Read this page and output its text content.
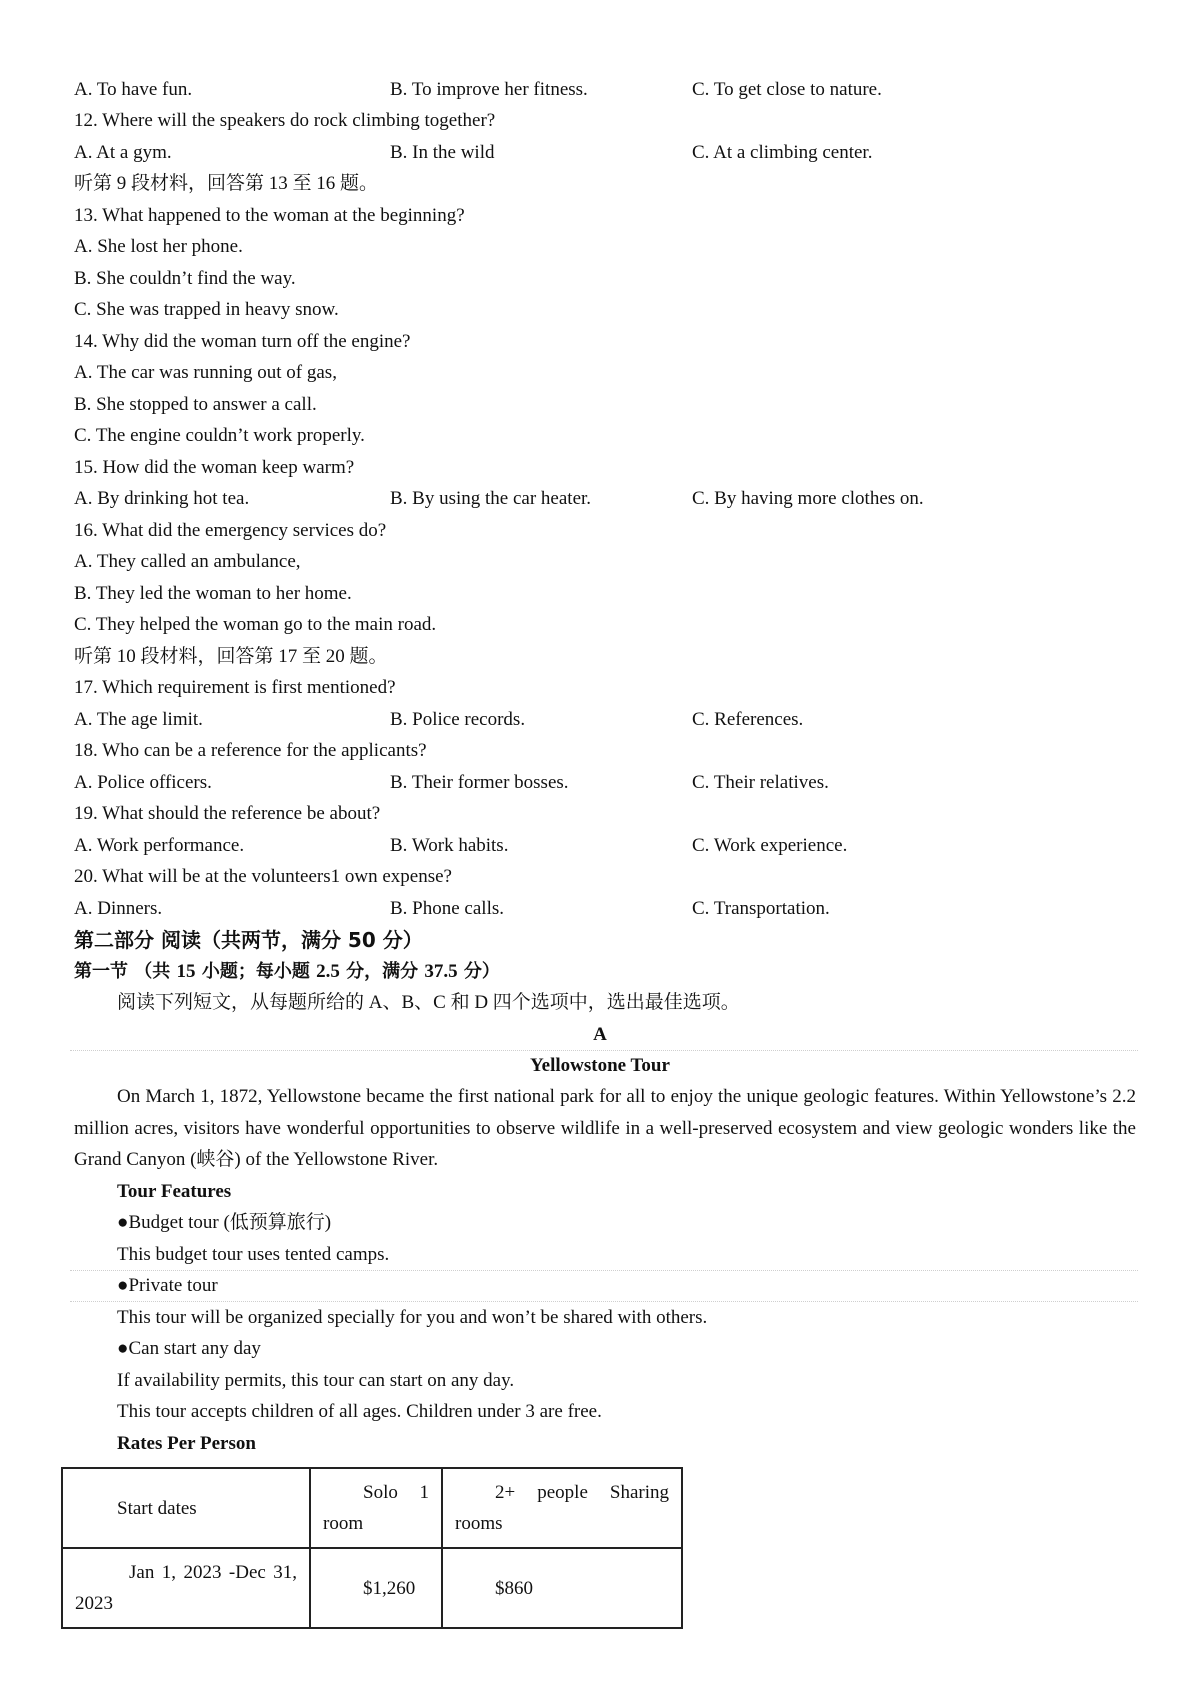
A. To have fun.	B. To improve her fitness.	C. To get close to nature.
12. Where will the speakers do rock climbing together?
A. At a gym.	B. In the wild	C. At a climbing center.
听第 9 段材料，回答第 13 至 16 题。
13. What happened to the woman at the beginning?
A. She lost her phone.
B. She couldn’t find the way.
C. She was trapped in heavy snow.
14. Why did the woman turn off the engine?
A. The car was running out of gas,
B. She stopped to answer a call.
C. The engine couldn’t work properly.
15. How did the woman keep warm?
A. By drinking hot tea.	B. By using the car heater.	C. By having more clothes on.
16. What did the emergency services do?
A. They called an ambulance,
B. They led the woman to her home.
C. They helped the woman go to the main road.
听第 10 段材料，回答第 17 至 20 题。
17. Which requirement is first mentioned?
A. The age limit.	B. Police records.	C. References.
18. Who can be a reference for the applicants?
A. Police officers.	B. Their former bosses.	C. Their relatives.
19. What should the reference be about?
A. Work performance.	B. Work habits.	C. Work experience.
20. What will be at the volunteers1 own expense?
A. Dinners.	B. Phone calls.	C. Transportation.
第二部分 阅读（共两节，满分 50 分）
第一节 （共 15 小题；每小题 2.5 分，满分 37.5 分）
阅读下列短文，从每题所给的 A、B、C 和 D 四个选项中，选出最佳选项。
A
Yellowstone Tour
On March 1, 1872, Yellowstone became the first national park for all to enjoy the unique geologic features. Within Yellowstone’s 2.2 million acres, visitors have wonderful opportunities to observe wildlife in a well-preserved ecosystem and view geologic wonders like the Grand Canyon (峡谷) of the Yellowstone River.
Tour Features
●Budget tour (低预算旅行)
This budget tour uses tented camps.
●Private tour
This tour will be organized specially for you and won’t be shared with others.
●Can start any day
If availability permits, this tour can start on any day.
This tour accepts children of all ages. Children under 3 are free.
Rates Per Person
Start dates	Solo 1 room	2+ people Sharing rooms

Jan 1, 2023 -Dec 31, 2023	$1,260	$860
